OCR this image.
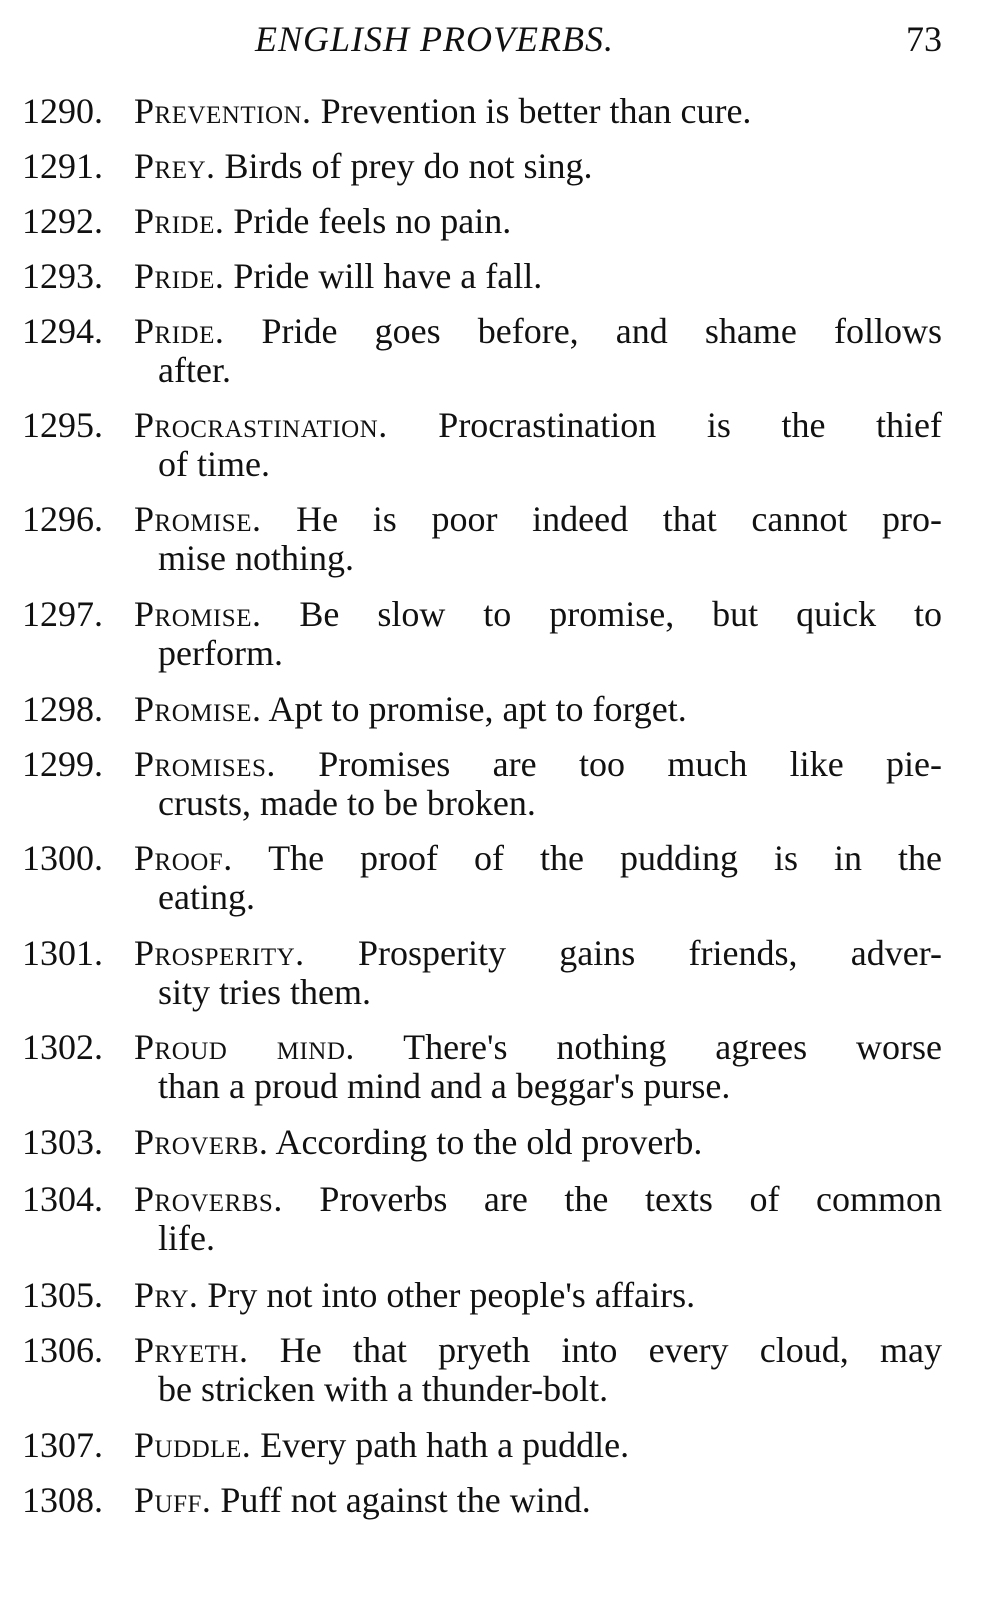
ENGLISH PROVERBS.	73
1290. Prevention. Prevention is better than cure.
1291. Prey. Birds of prey do not sing.
1292. Pride. Pride feels no pain.
1293. Pride. Pride will have a fall.
1294. Pride. Pride goes before, and shame follows
after.
1295. Procrastination. Procrastination is the thief
of time.
1296. Promise. He is poor indeed that cannot pro-
mise nothing.
1297. Promise. Be slow to promise, but quick to
perform.
1298. Promise. Apt to promise, apt to forget.
1299. Promises. Promises are too much like pie-
crusts, made to be broken.
1300. Proof. The proof of the pudding is in the
eating.
1301. Prosperity. Prosperity gains friends, adver-
sity tries them.
1302. Proud mind. There's nothing agrees worse
than a proud mind and a beggar's purse.
1303. Proverb. According to the old proverb.
1304. Proverbs. Proverbs are the texts of common
life.
1305. Pry. Pry not into other people's affairs.
1306. Pryeth. He that pryeth into every cloud, may
be stricken with a thunder-bolt.
1307. Puddle. Every path hath a puddle.
1308. Puff. Puff not against the wind.
